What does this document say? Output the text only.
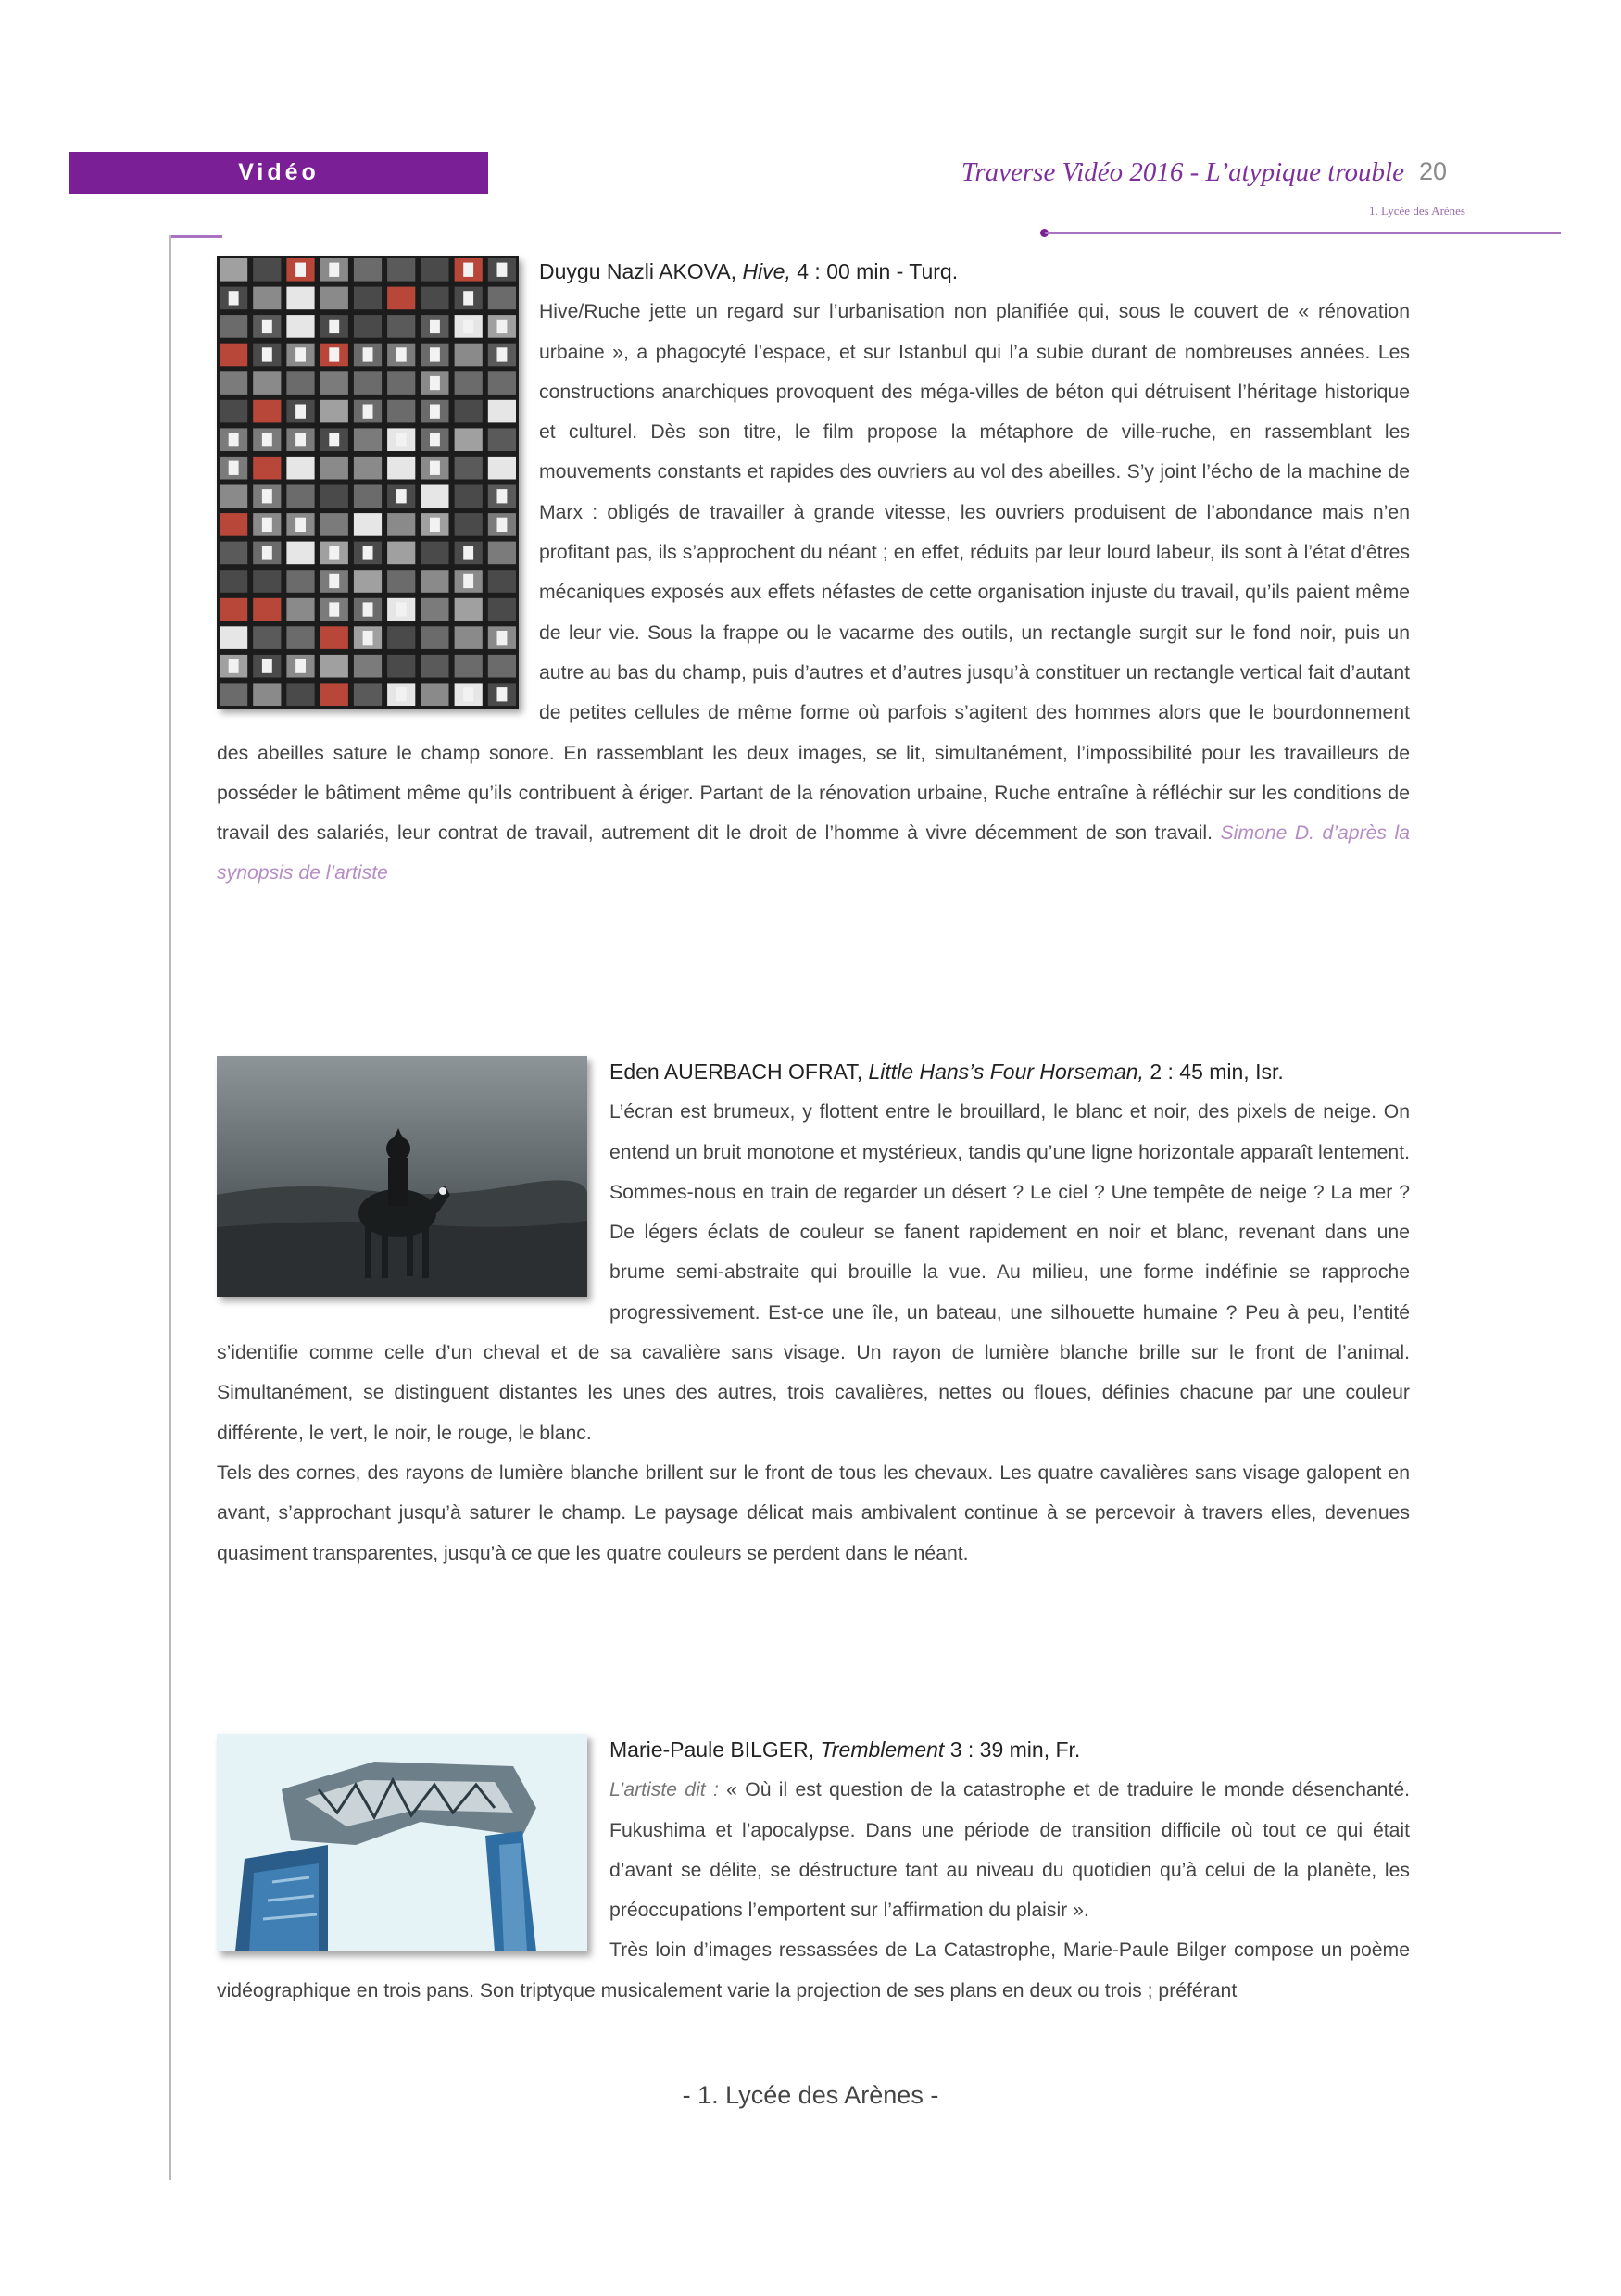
Vidéo	Traverse Vidéo 2016 - L’atypique trouble 20
1. Lycée des Arènes
Duygu Nazli AKOVA, Hive, 4 : 00 min - Turq.

Hive/Ruche jette un regard sur l’urbanisation non planifiée qui, sous le couvert de « rénovation urbaine », a phagocyté l’espace, et sur Istanbul qui l’a subie durant de nombreuses années. Les constructions anarchiques provoquent des méga-villes de béton qui détruisent l’héritage historique et culturel. Dès son titre, le film propose la métaphore de ville-ruche, en rassemblant les mouvements constants et rapides des ouvriers au vol des abeilles. S’y joint l’écho de la machine de Marx : obligés de travailler à grande vitesse, les ouvriers produisent de l’abondance mais n’en profitant pas, ils s’approchent du néant ; en effet, réduits par leur lourd labeur, ils sont à l’état d’êtres mécaniques exposés aux effets néfastes de cette organisation injuste du travail, qu’ils paient même de leur vie. Sous la frappe ou le vacarme des outils, un rectangle surgit sur le fond noir, puis un autre au bas du champ, puis d’autres et d’autres jusqu’à constituer un rectangle vertical fait d’autant de petites cellules de même forme où parfois s’agitent des hommes alors que le bourdonnement des abeilles sature le champ sonore. En rassemblant les deux images, se lit, simultanément, l’impossibilité pour les travailleurs de posséder le bâtiment même qu’ils contribuent à ériger. Partant de la rénovation urbaine, Ruche entraîne à réfléchir sur les conditions de travail des salariés, leur contrat de travail, autrement dit le droit de l’homme à vivre décemment de son travail. Simone D. d’après la synopsis de l’artiste

Eden AUERBACH OFRAT, Little Hans’s Four Horseman, 2 : 45 min, Isr.

L’écran est brumeux, y flottent entre le brouillard, le blanc et noir, des pixels de neige. On entend un bruit monotone et mystérieux, tandis qu’une ligne horizontale apparaît lentement. Sommes-nous en train de regarder un désert ? Le ciel ? Une tempête de neige ? La mer ? De légers éclats de couleur se fanent rapidement en noir et blanc, revenant dans une brume semi-abstraite qui brouille la vue. Au milieu, une forme indéfinie se rapproche progressivement. Est-ce une île, un bateau, une silhouette humaine ? Peu à peu, l’entité s’identifie comme celle d’un cheval et de sa cavalière sans visage. Un rayon de lumière blanche brille sur le front de l’animal. Simultanément, se distinguent distantes les unes des autres, trois cavalières, nettes ou floues, définies chacune par une couleur différente, le vert, le noir, le rouge, le blanc.

Tels des cornes, des rayons de lumière blanche brillent sur le front de tous les chevaux. Les quatre cavalières sans visage galopent en avant, s’approchant jusqu’à saturer le champ. Le paysage délicat mais ambivalent continue à se percevoir à travers elles, devenues quasiment transparentes, jusqu’à ce que les quatre couleurs se perdent dans le néant.

Marie-Paule BILGER, Tremblement 3 : 39 min, Fr.

L’artiste dit : « Où il est question de la catastrophe et de traduire le monde désenchanté. Fukushima et l’apocalypse. Dans une période de transition difficile où tout ce qui était d’avant se délite, se déstructure tant au niveau du quotidien qu’à celui de la planète, les préoccupations l’emportent sur l’affirmation du plaisir ».

Très loin d’images ressassées de La Catastrophe, Marie-Paule Bilger compose un poème vidéographique en trois pans. Son triptyque musicalement varie la projection de ses plans en deux ou trois ; préférant

- 1. Lycée des Arènes -
